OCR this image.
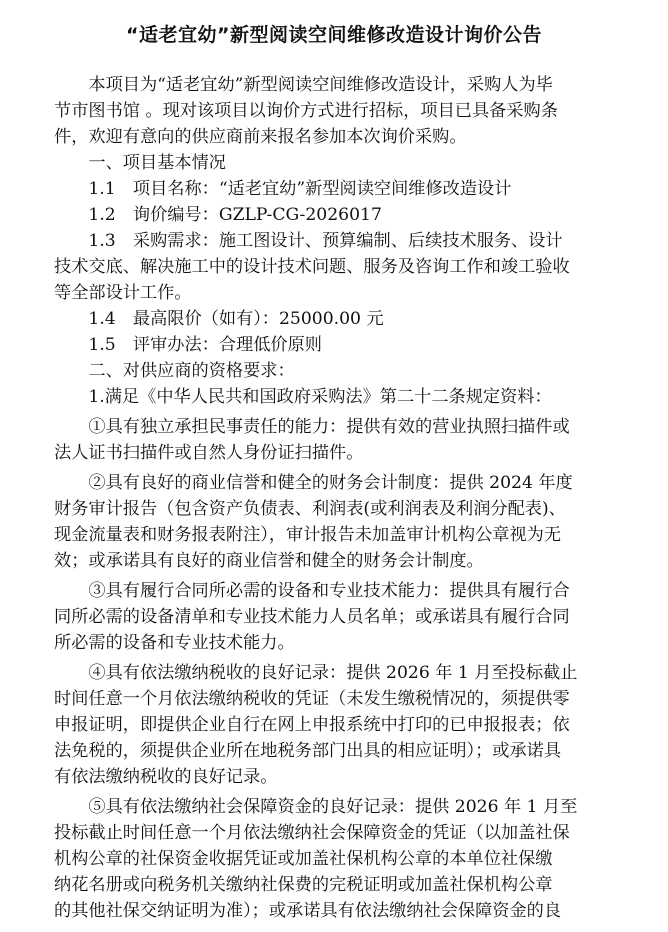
“适老宜幼”新型阅读空间维修改造设计询价公告
　　本项目为“适老宜幼”新型阅读空间维修改造设计，采购人为毕
节市图书馆 。现对该项目以询价方式进行招标，项目已具备采购条
件，欢迎有意向的供应商前来报名参加本次询价采购。
　　一、项目基本情况
　　1.1　项目名称：“适老宜幼”新型阅读空间维修改造设计
　　1.2　询价编号：GZLP-CG-2026017
　　1.3　采购需求：施工图设计、预算编制、后续技术服务、设计
技术交底、解决施工中的设计技术问题、服务及咨询工作和竣工验收
等全部设计工作。
　　1.4　最高限价（如有）：25000.00 元
　　1.5　评审办法：合理低价原则
　　二、对供应商的资格要求：
　　1.满足《中华人民共和国政府采购法》第二十二条规定资料：
　　①具有独立承担民事责任的能力：提供有效的营业执照扫描件或
法人证书扫描件或自然人身份证扫描件。
　　②具有良好的商业信誉和健全的财务会计制度：提供 2024 年度
财务审计报告（包含资产负债表、利润表(或利润表及利润分配表)、
现金流量表和财务报表附注），审计报告未加盖审计机构公章视为无
效；或承诺具有良好的商业信誉和健全的财务会计制度。
　　③具有履行合同所必需的设备和专业技术能力：提供具有履行合
同所必需的设备清单和专业技术能力人员名单；或承诺具有履行合同
所必需的设备和专业技术能力。
　　④具有依法缴纳税收的良好记录：提供 2026 年 1 月至投标截止
时间任意一个月依法缴纳税收的凭证（未发生缴税情况的，须提供零
申报证明，即提供企业自行在网上申报系统中打印的已申报报表；依
法免税的，须提供企业所在地税务部门出具的相应证明）；或承诺具
有依法缴纳税收的良好记录。
　　⑤具有依法缴纳社会保障资金的良好记录：提供 2026 年 1 月至
投标截止时间任意一个月依法缴纳社会保障资金的凭证（以加盖社保
机构公章的社保资金收据凭证或加盖社保机构公章的本单位社保缴
纳花名册或向税务机关缴纳社保费的完税证明或加盖社保机构公章
的其他社保交纳证明为准）；或承诺具有依法缴纳社会保障资金的良
